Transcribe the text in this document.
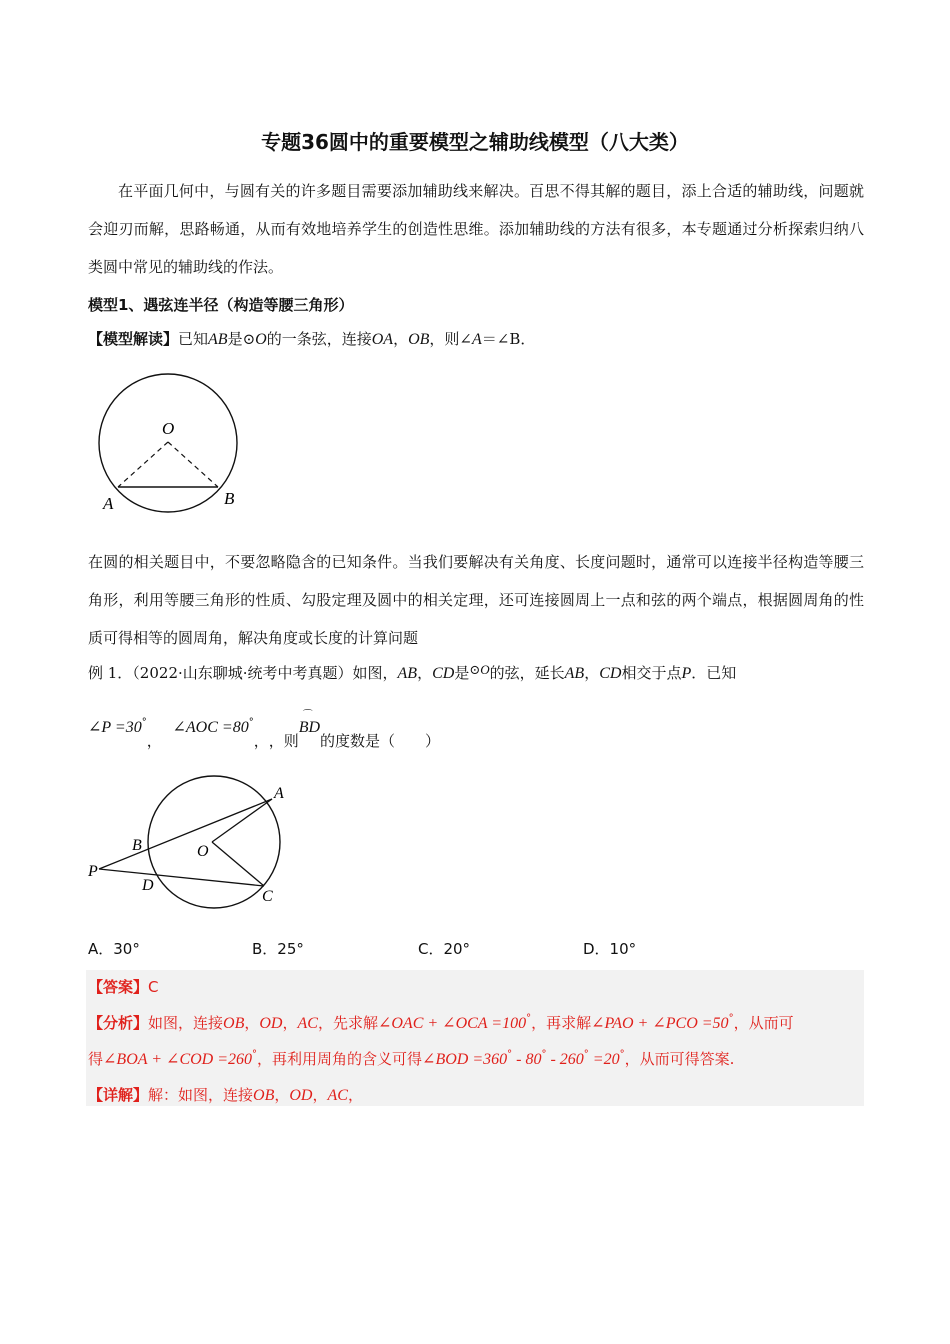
专题36圆中的重要模型之辅助线模型（八大类）

在平面几何中，与圆有关的许多题目需要添加辅助线来解决。百思不得其解的题目，添上合适的辅助线，问题就会迎刃而解，思路畅通，从而有效地培养学生的创造性思维。添加辅助线的方法有很多，本专题通过分析探索归纳八类圆中常见的辅助线的作法。

模型1、遇弦连半径（构造等腰三角形）
【模型解读】已知AB是⊙O的一条弦，连接OA，OB，则∠A＝∠B．
O
A	B

在圆的相关题目中，不要忽略隐含的已知条件。当我们要解决有关角度、长度问题时，通常可以连接半径构造等腰三角形，利用等腰三角形的性质、勾股定理及圆中的相关定理，还可连接圆周上一点和弦的两个端点，根据圆周角的性质可得相等的圆周角，解决角度或长度的计算问题

例 1．（2022·山东聊城·统考中考真题）如图，AB，CD是⊙O的弦，延长AB，CD相交于点P．已知
∠P =30°， ∠AOC =80°，，则BD
⌒
的度数是（　　）
A
B	O
P
D
C
A．30°	B．25°	C．20°	D．10°
【答案】C
【分析】如图，连接OB，OD，AC，先求解∠OAC + ∠OCA =100°，再求解∠PAO + ∠PCO =50°，从而可
得∠BOA + ∠COD =260°，再利用周角的含义可得∠BOD =360° - 80° - 260° =20°，从而可得答案.
【详解】解：如图，连接OB，OD，AC，
